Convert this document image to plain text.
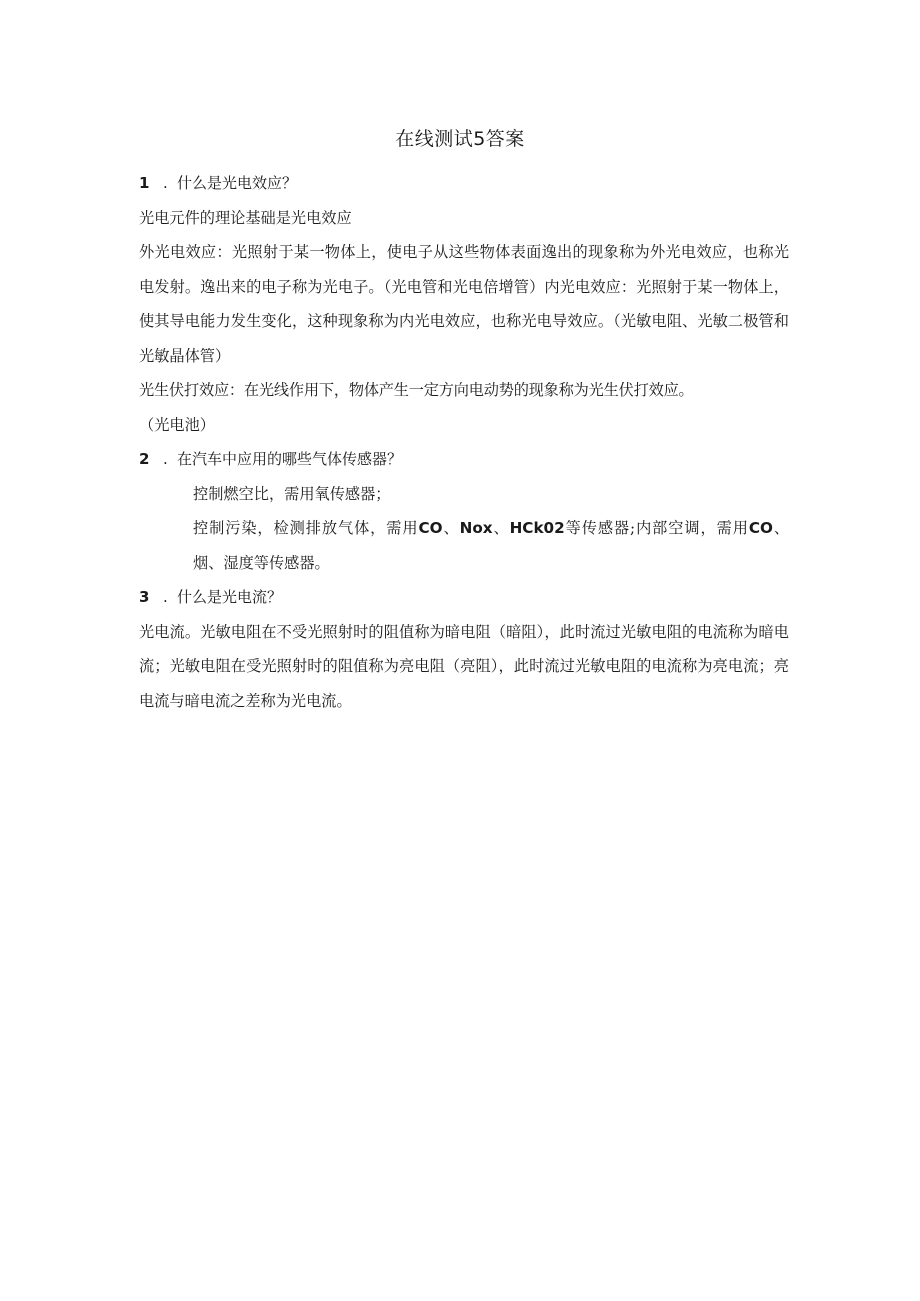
在线测试5答案
1 . 什么是光电效应？

光电元件的理论基础是光电效应

外光电效应：光照射于某一物体上，使电子从这些物体表面逸出的现象称为外光电效应，也称光电发射。逸出来的电子称为光电子。（光电管和光电倍增管）内光电效应：光照射于某一物体上，使其导电能力发生变化，这种现象称为内光电效应，也称光电导效应。（光敏电阻、光敏二极管和光敏晶体管）

光生伏打效应：在光线作用下，物体产生一定方向电动势的现象称为光生伏打效应。

（光电池）

2 . 在汽车中应用的哪些气体传感器？

控制燃空比，需用氧传感器；

控制污染，检测排放气体，需用CO、Nox、HCk02等传感器;内部空调，需用CO、烟、湿度等传感器。

3 . 什么是光电流？

光电流。光敏电阻在不受光照射时的阻值称为暗电阻（暗阻），此时流过光敏电阻的电流称为暗电流；光敏电阻在受光照射时的阻值称为亮电阻（亮阻），此时流过光敏电阻的电流称为亮电流；亮电流与暗电流之差称为光电流。
